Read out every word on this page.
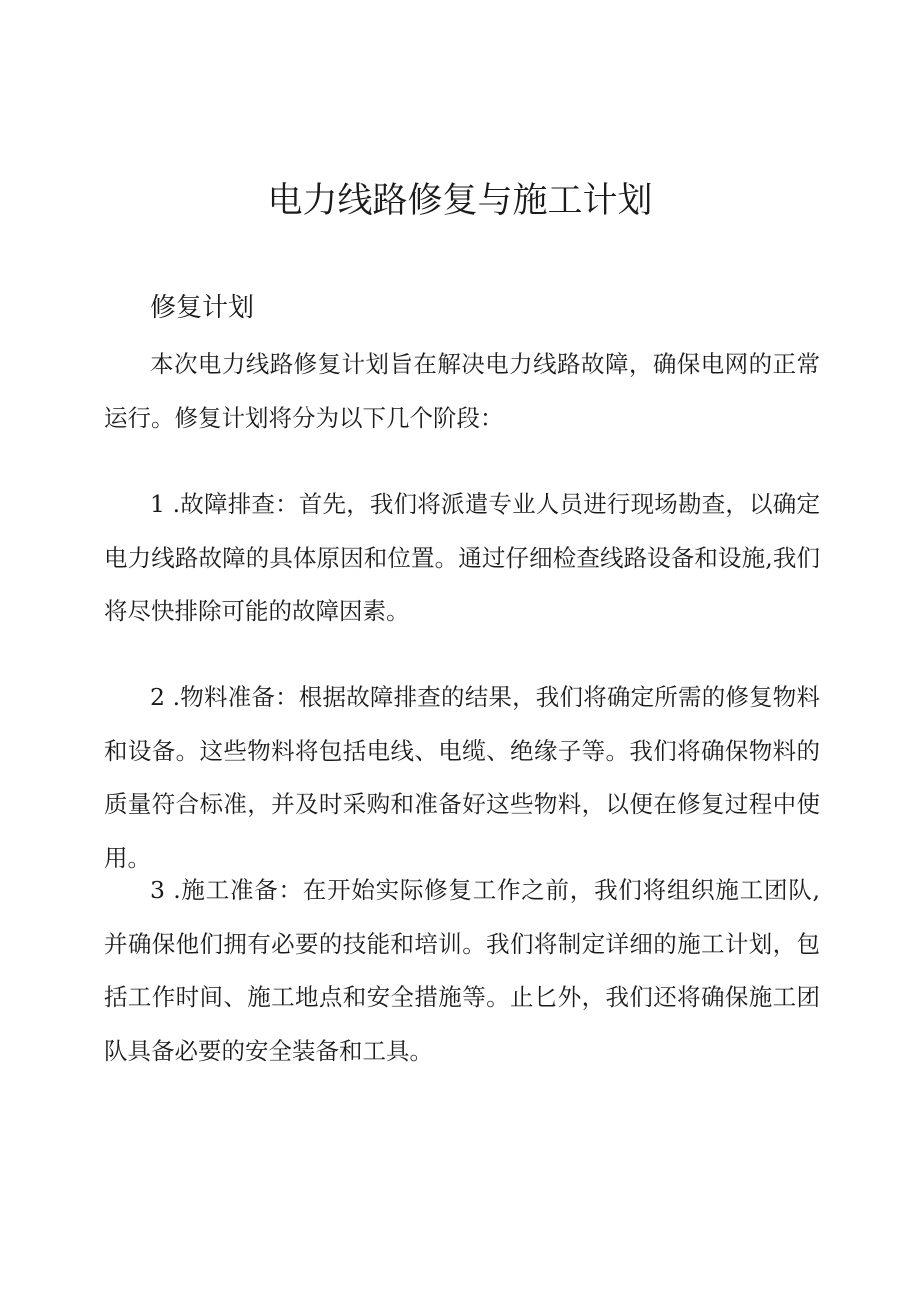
电力线路修复与施工计划
修复计划

本次电力线路修复计划旨在解决电力线路故障，确保电网的正常运行。修复计划将分为以下几个阶段：

1 .故障排查：首先，我们将派遣专业人员进行现场勘查，以确定电力线路故障的具体原因和位置。通过仔细检查线路设备和设施,我们将尽快排除可能的故障因素。

2 .物料准备：根据故障排查的结果，我们将确定所需的修复物料和设备。这些物料将包括电线、电缆、绝缘子等。我们将确保物料的质量符合标准，并及时采购和准备好这些物料，以便在修复过程中使用。

3 .施工准备：在开始实际修复工作之前，我们将组织施工团队,并确保他们拥有必要的技能和培训。我们将制定详细的施工计划，包括工作时间、施工地点和安全措施等。止匕外，我们还将确保施工团队具备必要的安全装备和工具。
